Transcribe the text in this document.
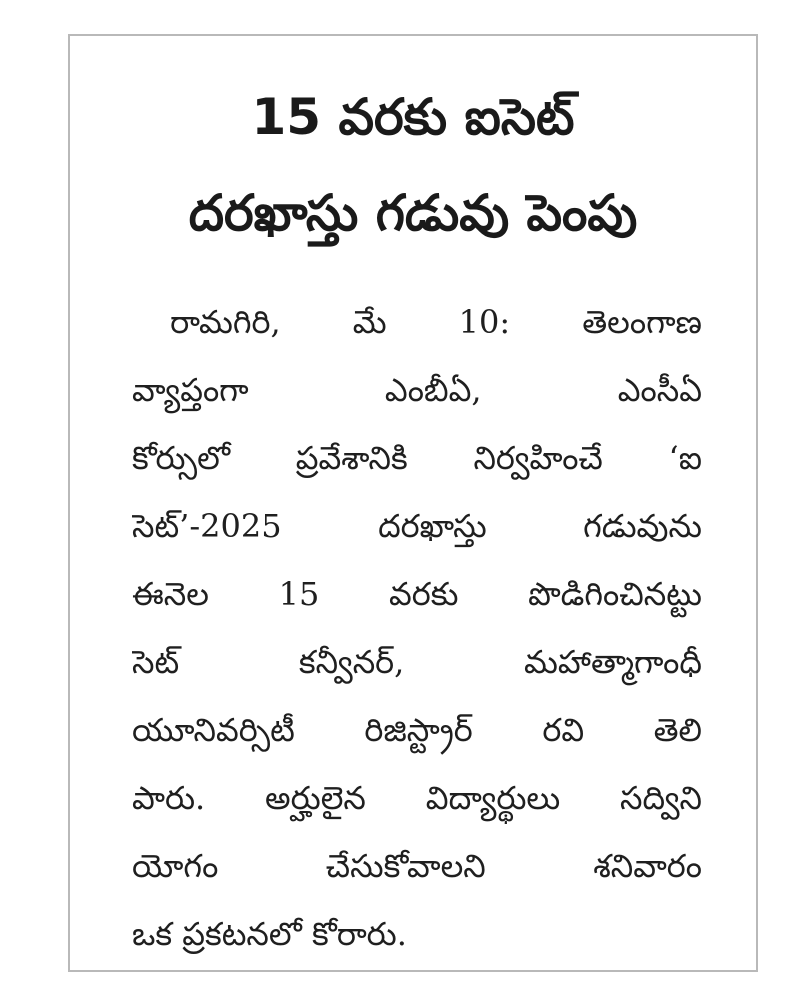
15 వరకు ఐసెట్
దరఖాస్తు గడువు పెంపు
రామగిరి, మే 10: తెలంగాణ
వ్యాప్తంగా ఎంబీఏ, ఎంసీఏ
కోర్సులో ప్రవేశానికి నిర్వహించే ‘ఐ
సెట్’-2025 దరఖాస్తు గడువును
ఈనెల 15 వరకు పొడిగించినట్టు
సెట్ కన్వీనర్, మహాత్మాగాంధీ
యూనివర్సిటీ రిజిస్ట్రార్ రవి తెలి
పారు. అర్హులైన విద్యార్థులు సద్విని
యోగం చేసుకోవాలని శనివారం
ఒక ప్రకటనలో కోరారు.
